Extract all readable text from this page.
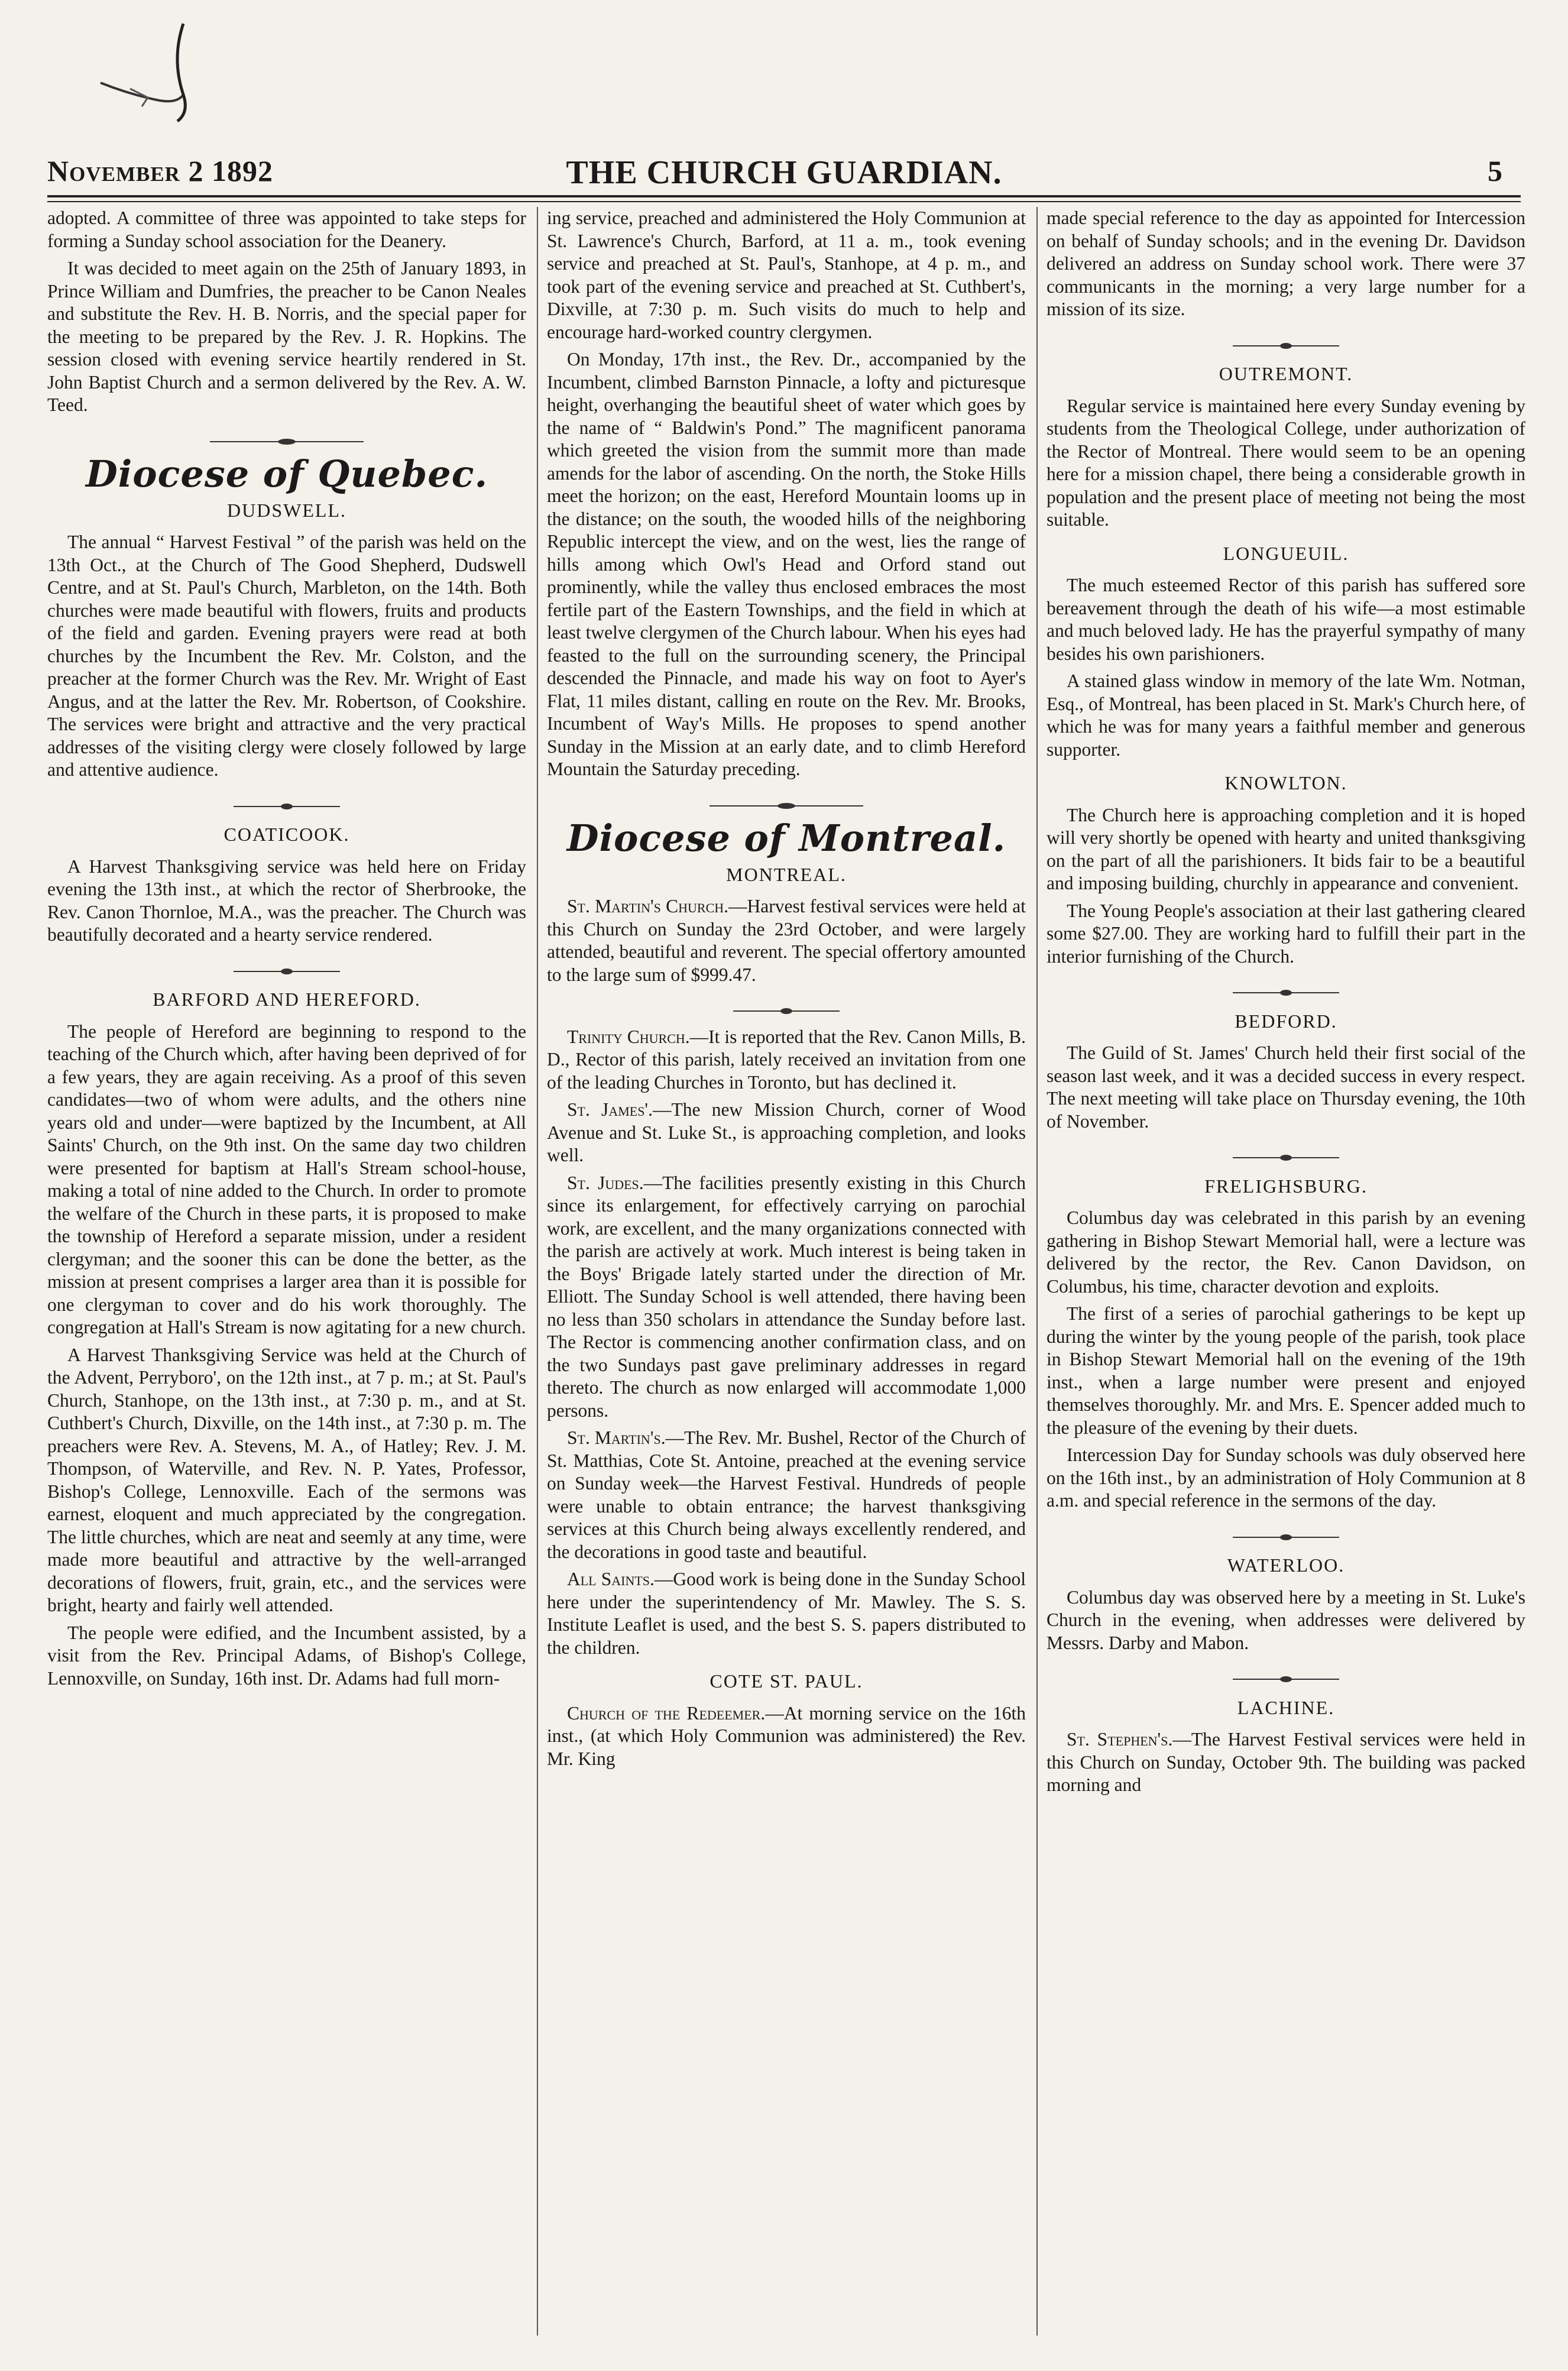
November 2 1892	THE CHURCH GUARDIAN.	5

adopted. A committee of three was appointed to take steps for forming a Sunday school association for the Deanery.

It was decided to meet again on the 25th of January 1893, in Prince William and Dumfries, the preacher to be Canon Neales and substitute the Rev. H. B. Norris, and the special paper for the meeting to be prepared by the Rev. J. R. Hopkins. The session closed with evening service heartily rendered in St. John Baptist Church and a sermon delivered by the Rev. A. W. Teed.

Diocese of Quebec.
DUDSWELL.

The annual “ Harvest Festival ” of the parish was held on the 13th Oct., at the Church of The Good Shepherd, Dudswell Centre, and at St. Paul's Church, Marbleton, on the 14th. Both churches were made beautiful with flowers, fruits and products of the field and garden. Evening prayers were read at both churches by the Incumbent the Rev. Mr. Colston, and the preacher at the former Church was the Rev. Mr. Wright of East Angus, and at the latter the Rev. Mr. Robertson, of Cookshire. The services were bright and attractive and the very practical addresses of the visiting clergy were closely followed by large and attentive audience.

COATICOOK.

A Harvest Thanksgiving service was held here on Friday evening the 13th inst., at which the rector of Sherbrooke, the Rev. Canon Thornloe, M.A., was the preacher. The Church was beautifully decorated and a hearty service rendered.

BARFORD AND HEREFORD.

The people of Hereford are beginning to respond to the teaching of the Church which, after having been deprived of for a few years, they are again receiving. As a proof of this seven candidates—two of whom were adults, and the others nine years old and under—were baptized by the Incumbent, at All Saints' Church, on the 9th inst. On the same day two children were presented for baptism at Hall's Stream school-house, making a total of nine added to the Church. In order to promote the welfare of the Church in these parts, it is proposed to make the township of Hereford a separate mission, under a resident clergyman; and the sooner this can be done the better, as the mission at present comprises a larger area than it is possible for one clergyman to cover and do his work thoroughly. The congregation at Hall's Stream is now agitating for a new church.

A Harvest Thanksgiving Service was held at the Church of the Advent, Perryboro', on the 12th inst., at 7 p. m.; at St. Paul's Church, Stanhope, on the 13th inst., at 7:30 p. m., and at St. Cuthbert's Church, Dixville, on the 14th inst., at 7:30 p. m. The preachers were Rev. A. Stevens, M. A., of Hatley; Rev. J. M. Thompson, of Waterville, and Rev. N. P. Yates, Professor, Bishop's College, Lennoxville. Each of the sermons was earnest, eloquent and much appreciated by the congregation. The little churches, which are neat and seemly at any time, were made more beautiful and attractive by the well-arranged decorations of flowers, fruit, grain, etc., and the services were bright, hearty and fairly well attended.

The people were edified, and the Incumbent assisted, by a visit from the Rev. Principal Adams, of Bishop's College, Lennoxville, on Sunday, 16th inst. Dr. Adams had full morn-

ing service, preached and administered the Holy Communion at St. Lawrence's Church, Barford, at 11 a. m., took evening service and preached at St. Paul's, Stanhope, at 4 p. m., and took part of the evening service and preached at St. Cuthbert's, Dixville, at 7:30 p. m. Such visits do much to help and encourage hard-worked country clergymen.

On Monday, 17th inst., the Rev. Dr., accompanied by the Incumbent, climbed Barnston Pinnacle, a lofty and picturesque height, overhanging the beautiful sheet of water which goes by the name of “ Baldwin's Pond.” The magnificent panorama which greeted the vision from the summit more than made amends for the labor of ascending. On the north, the Stoke Hills meet the horizon; on the east, Hereford Mountain looms up in the distance; on the south, the wooded hills of the neighboring Republic intercept the view, and on the west, lies the range of hills among which Owl's Head and Orford stand out prominently, while the valley thus enclosed embraces the most fertile part of the Eastern Townships, and the field in which at least twelve clergymen of the Church labour. When his eyes had feasted to the full on the surrounding scenery, the Principal descended the Pinnacle, and made his way on foot to Ayer's Flat, 11 miles distant, calling en route on the Rev. Mr. Brooks, Incumbent of Way's Mills. He proposes to spend another Sunday in the Mission at an early date, and to climb Hereford Mountain the Saturday preceding.

Diocese of Montreal.
MONTREAL.

St. Martin's Church.—Harvest festival services were held at this Church on Sunday the 23rd October, and were largely attended, beautiful and reverent. The special offertory amounted to the large sum of $999.47.

Trinity Church.—It is reported that the Rev. Canon Mills, B. D., Rector of this parish, lately received an invitation from one of the leading Churches in Toronto, but has declined it.

St. James'.—The new Mission Church, corner of Wood Avenue and St. Luke St., is approaching completion, and looks well.

St. Judes.—The facilities presently existing in this Church since its enlargement, for effectively carrying on parochial work, are excellent, and the many organizations connected with the parish are actively at work. Much interest is being taken in the Boys' Brigade lately started under the direction of Mr. Elliott. The Sunday School is well attended, there having been no less than 350 scholars in attendance the Sunday before last. The Rector is commencing another confirmation class, and on the two Sundays past gave preliminary addresses in regard thereto. The church as now enlarged will accommodate 1,000 persons.

St. Martin's.—The Rev. Mr. Bushel, Rector of the Church of St. Matthias, Cote St. Antoine, preached at the evening service on Sunday week—the Harvest Festival. Hundreds of people were unable to obtain entrance; the harvest thanksgiving services at this Church being always excellently rendered, and the decorations in good taste and beautiful.

All Saints.—Good work is being done in the Sunday School here under the superintendency of Mr. Mawley. The S. S. Institute Leaflet is used, and the best S. S. papers distributed to the children.

COTE ST. PAUL.

Church of the Redeemer.—At morning service on the 16th inst., (at which Holy Communion was administered) the Rev. Mr. King

made special reference to the day as appointed for Intercession on behalf of Sunday schools; and in the evening Dr. Davidson delivered an address on Sunday school work. There were 37 communicants in the morning; a very large number for a mission of its size.

OUTREMONT.

Regular service is maintained here every Sunday evening by students from the Theological College, under authorization of the Rector of Montreal. There would seem to be an opening here for a mission chapel, there being a considerable growth in population and the present place of meeting not being the most suitable.

LONGUEUIL.

The much esteemed Rector of this parish has suffered sore bereavement through the death of his wife—a most estimable and much beloved lady. He has the prayerful sympathy of many besides his own parishioners.

A stained glass window in memory of the late Wm. Notman, Esq., of Montreal, has been placed in St. Mark's Church here, of which he was for many years a faithful member and generous supporter.

KNOWLTON.

The Church here is approaching completion and it is hoped will very shortly be opened with hearty and united thanksgiving on the part of all the parishioners. It bids fair to be a beautiful and imposing building, churchly in appearance and convenient.

The Young People's association at their last gathering cleared some $27.00. They are working hard to fulfill their part in the interior furnishing of the Church.

BEDFORD.

The Guild of St. James' Church held their first social of the season last week, and it was a decided success in every respect. The next meeting will take place on Thursday evening, the 10th of November.

FRELIGHSBURG.

Columbus day was celebrated in this parish by an evening gathering in Bishop Stewart Memorial hall, were a lecture was delivered by the rector, the Rev. Canon Davidson, on Columbus, his time, character devotion and exploits.

The first of a series of parochial gatherings to be kept up during the winter by the young people of the parish, took place in Bishop Stewart Memorial hall on the evening of the 19th inst., when a large number were present and enjoyed themselves thoroughly. Mr. and Mrs. E. Spencer added much to the pleasure of the evening by their duets.

Intercession Day for Sunday schools was duly observed here on the 16th inst., by an administration of Holy Communion at 8 a.m. and special reference in the sermons of the day.

WATERLOO.

Columbus day was observed here by a meeting in St. Luke's Church in the evening, when addresses were delivered by Messrs. Darby and Mabon.

LACHINE.

St. Stephen's.—The Harvest Festival services were held in this Church on Sunday, October 9th. The building was packed morning and
